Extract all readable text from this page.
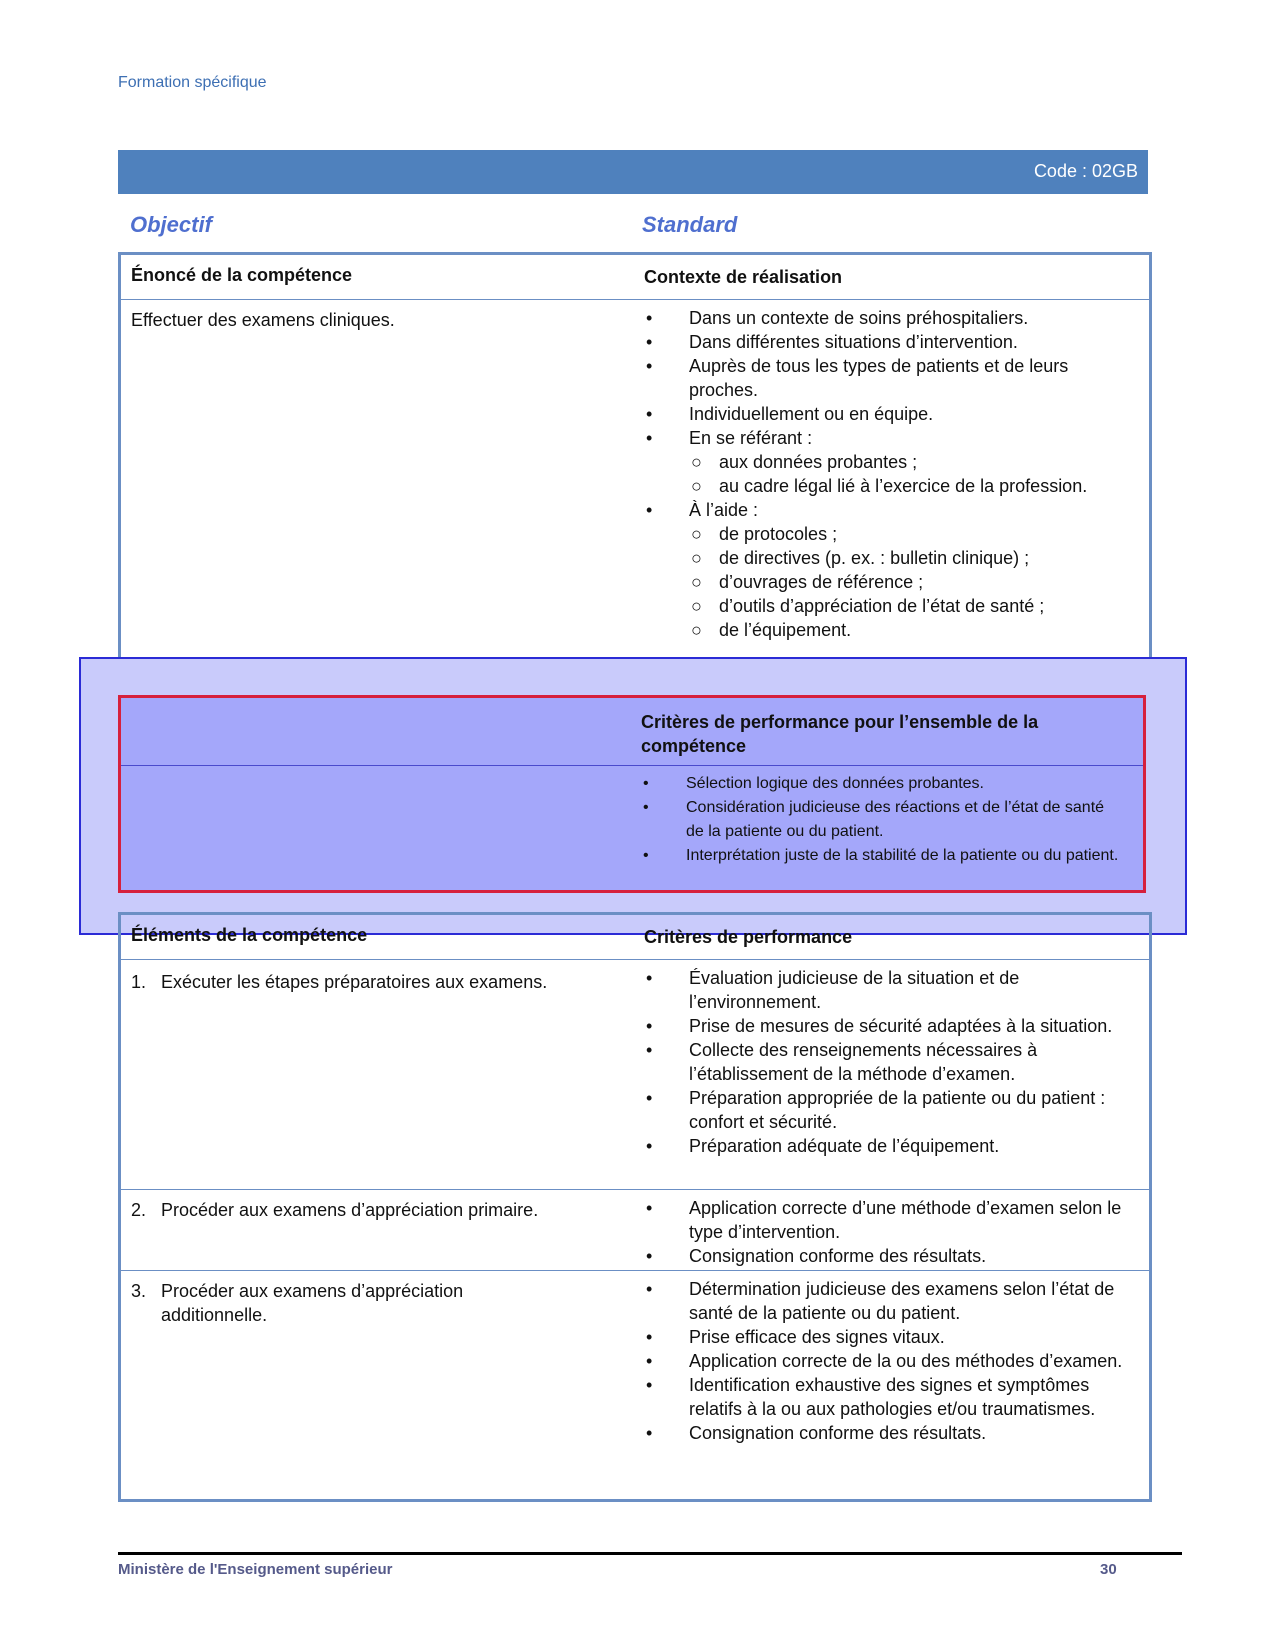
Formation spécifique
Code : 02GB
Objectif	Standard
Énoncé de la compétence	Contexte de réalisation
Effectuer des examens cliniques.	• Dans un contexte de soins préhospitaliers.
• Dans différentes situations d’intervention.
• Auprès de tous les types de patients et de leurs proches.
• Individuellement ou en équipe.
• En se référant :
○ aux données probantes ;
○ au cadre légal lié à l’exercice de la profession.
• À l’aide :
○ de protocoles ;
○ de directives (p. ex. : bulletin clinique) ;
○ d’ouvrages de référence ;
○ d’outils d’appréciation de l’état de santé ;
○ de l’équipement.
Critères de performance pour l’ensemble de la compétence
• Sélection logique des données probantes.
• Considération judicieuse des réactions et de l’état de santé de la patiente ou du patient.
• Interprétation juste de la stabilité de la patiente ou du patient.
Éléments de la compétence	Critères de performance
1. Exécuter les étapes préparatoires aux examens.	• Évaluation judicieuse de la situation et de l’environnement.
• Prise de mesures de sécurité adaptées à la situation.
• Collecte des renseignements nécessaires à l’établissement de la méthode d’examen.
• Préparation appropriée de la patiente ou du patient : confort et sécurité.
• Préparation adéquate de l’équipement.
2. Procéder aux examens d’appréciation primaire.	• Application correcte d’une méthode d’examen selon le type d’intervention.
• Consignation conforme des résultats.
3. Procéder aux examens d’appréciation
additionnelle.
• Détermination judicieuse des examens selon l’état de santé de la patiente ou du patient.
• Prise efficace des signes vitaux.
• Application correcte de la ou des méthodes d’examen.
• Identification exhaustive des signes et symptômes relatifs à la ou aux pathologies et/ou traumatismes.
• Consignation conforme des résultats.
Ministère de l'Enseignement supérieur	30
